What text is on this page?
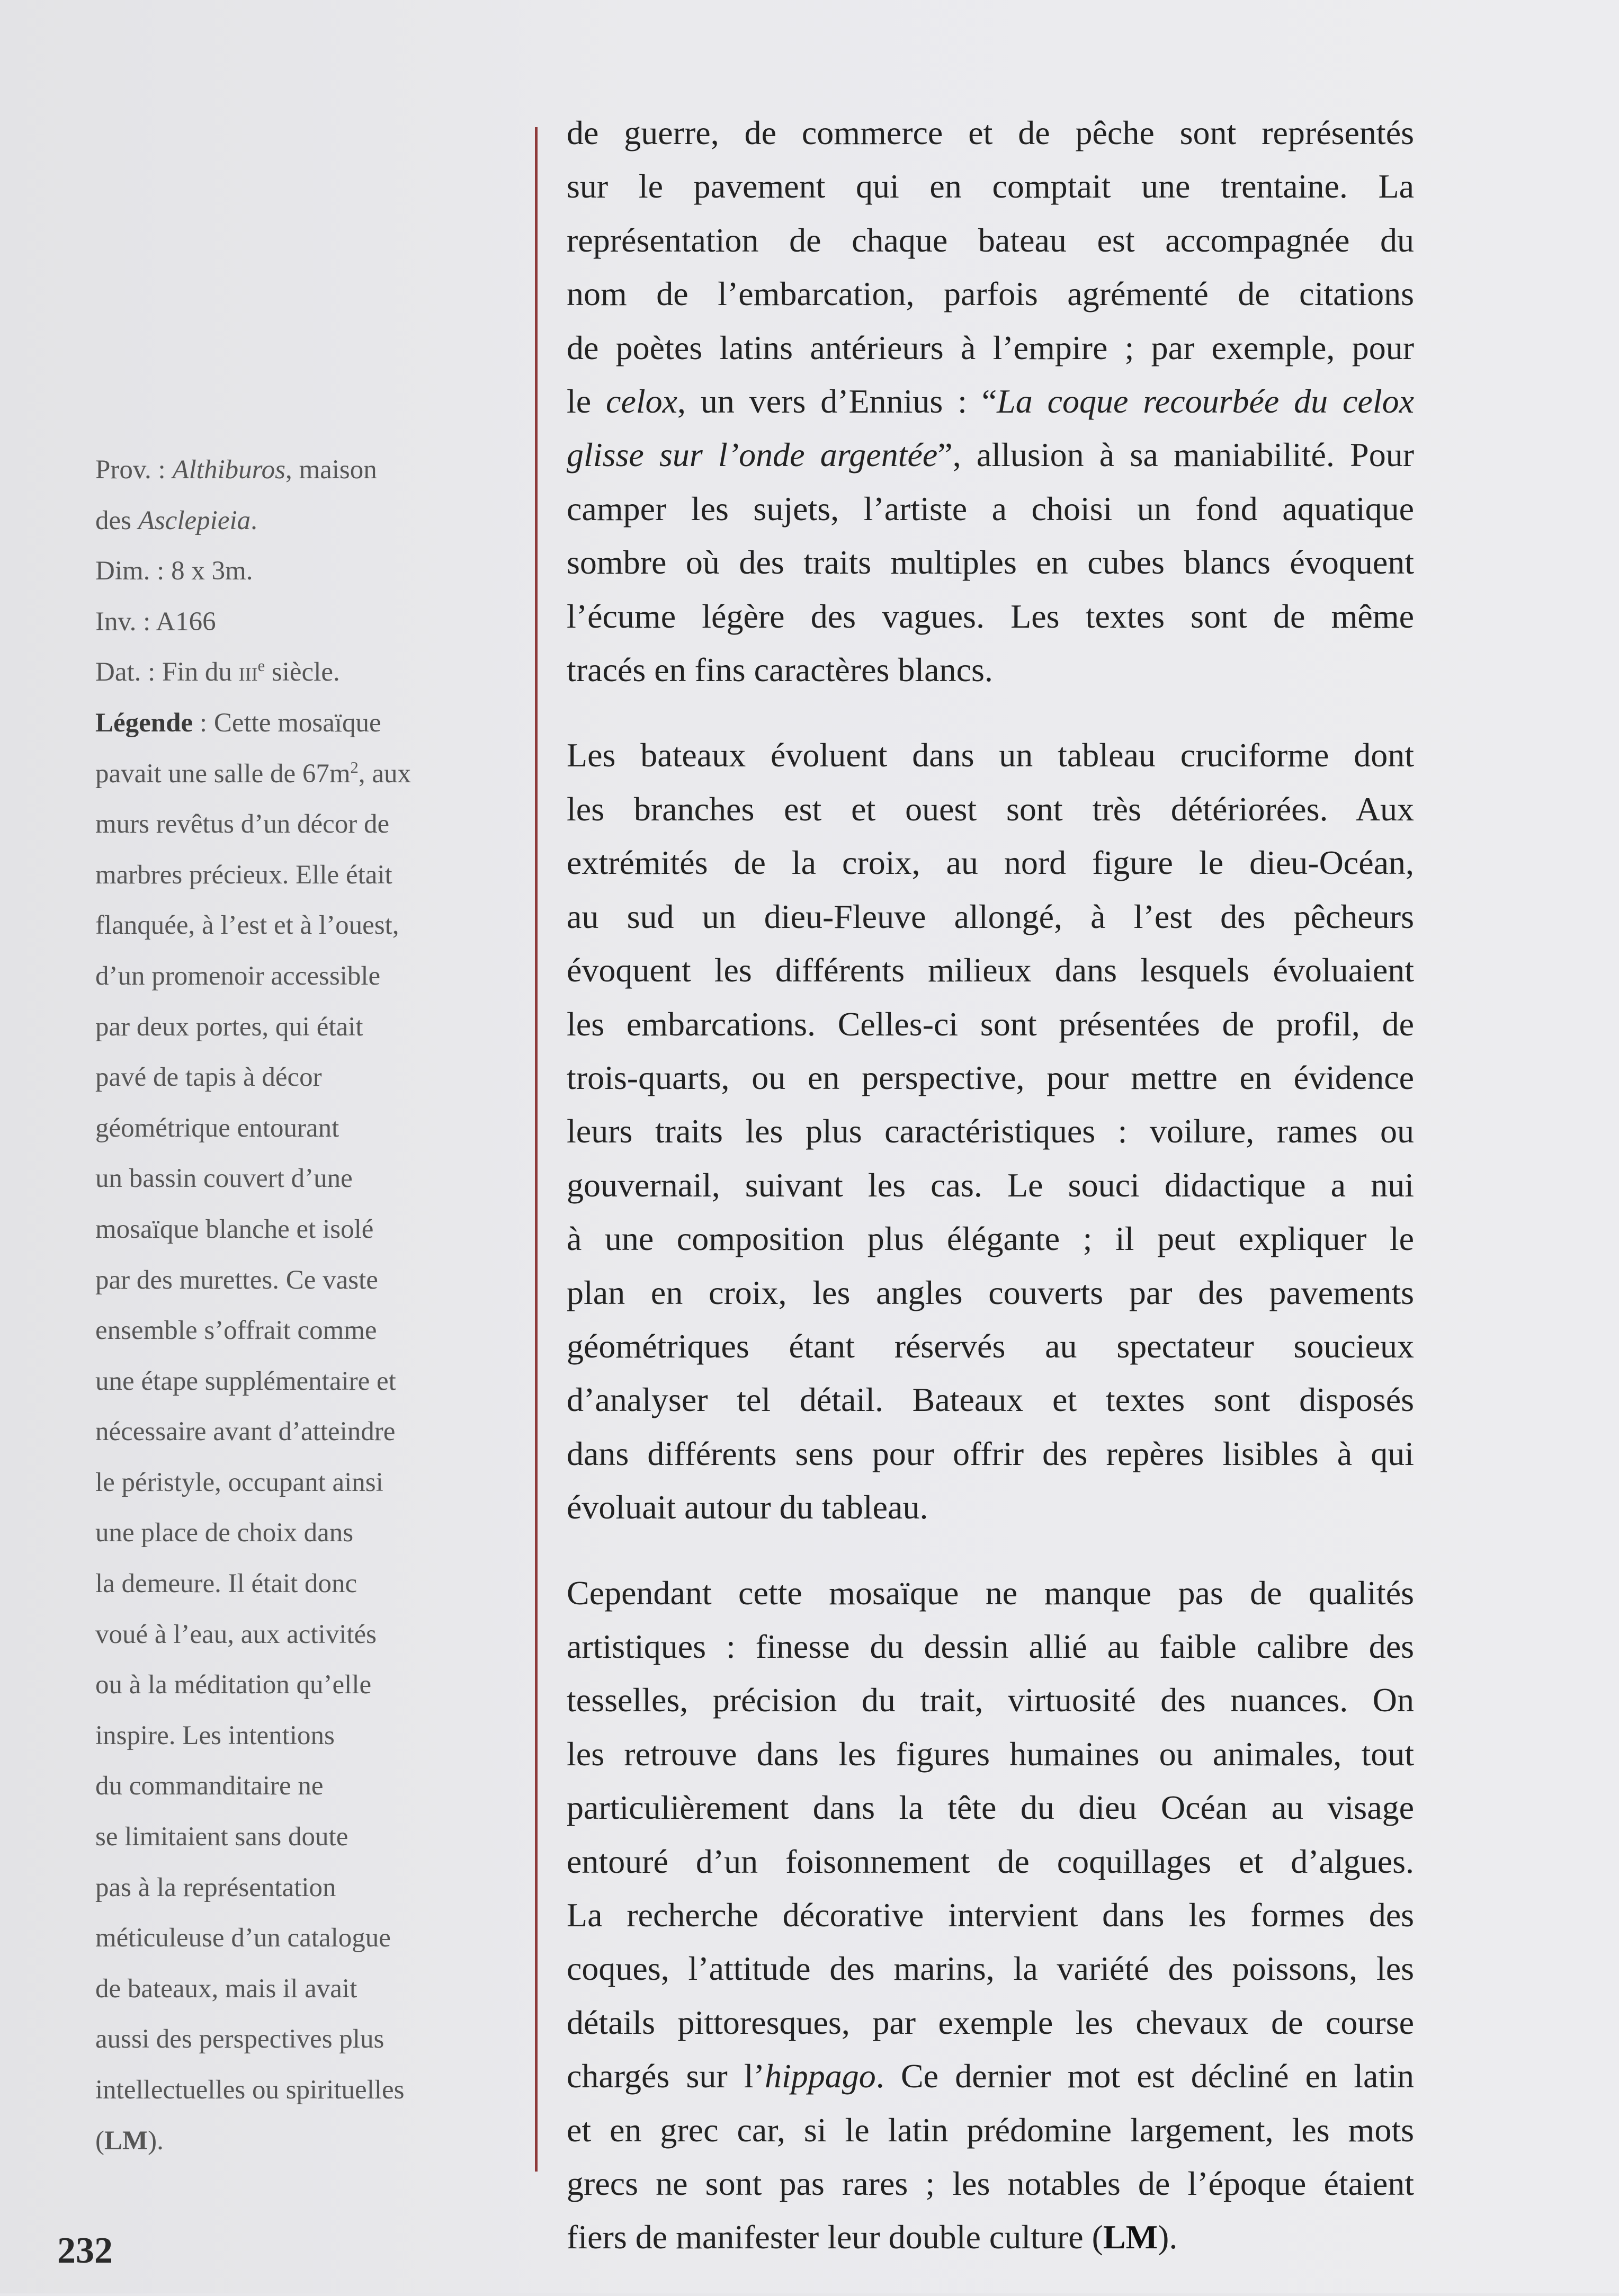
Prov. : Althiburos, maison
des Asclepieia.
Dim. : 8 x 3m.
Inv. : A166
Dat. : Fin du iii$^e$ siècle.
Légende : Cette mosaïque
pavait une salle de $67m^2$, aux
murs revêtus d’un décor de
marbres précieux. Elle était
flanquée, à l’est et à l’ouest,
d’un promenoir accessible
par deux portes, qui était
pavé de tapis à décor
géométrique entourant
un bassin couvert d’une
mosaïque blanche et isolé
par des murettes. Ce vaste
ensemble s’offrait comme
une étape supplémentaire et
nécessaire avant d’atteindre
le péristyle, occupant ainsi
une place de choix dans
la demeure. Il était donc
voué à l’eau, aux activités
ou à la méditation qu’elle
inspire. Les intentions
du commanditaire ne
se limitaient sans doute
pas à la représentation
méticuleuse d’un catalogue
de bateaux, mais il avait
aussi des perspectives plus
intellectuelles ou spirituelles
(LM).

de guerre, de commerce et de pêche sont représentés
sur le pavement qui en comptait une trentaine. La
représentation de chaque bateau est accompagnée du
nom de l’embarcation, parfois agrémenté de citations
de poètes latins antérieurs à l’empire ; par exemple, pour
le celox, un vers d’Ennius : “La coque recourbée du celox
glisse sur l’onde argentée”, allusion à sa maniabilité. Pour
camper les sujets, l’artiste a choisi un fond aquatique
sombre où des traits multiples en cubes blancs évoquent
l’écume légère des vagues. Les textes sont de même
tracés en fins caractères blancs.

Les bateaux évoluent dans un tableau cruciforme dont
les branches est et ouest sont très détériorées. Aux
extrémités de la croix, au nord figure le dieu-Océan,
au sud un dieu-Fleuve allongé, à l’est des pêcheurs
évoquent les différents milieux dans lesquels évoluaient
les embarcations. Celles-ci sont présentées de profil, de
trois-quarts, ou en perspective, pour mettre en évidence
leurs traits les plus caractéristiques : voilure, rames ou
gouvernail, suivant les cas. Le souci didactique a nui
à une composition plus élégante ; il peut expliquer le
plan en croix, les angles couverts par des pavements
géométriques étant réservés au spectateur soucieux
d’analyser tel détail. Bateaux et textes sont disposés
dans différents sens pour offrir des repères lisibles à qui
évoluait autour du tableau.

Cependant cette mosaïque ne manque pas de qualités
artistiques : finesse du dessin allié au faible calibre des
tesselles, précision du trait, virtuosité des nuances. On
les retrouve dans les figures humaines ou animales, tout
particulièrement dans la tête du dieu Océan au visage
entouré d’un foisonnement de coquillages et d’algues.
La recherche décorative intervient dans les formes des
coques, l’attitude des marins, la variété des poissons, les
détails pittoresques, par exemple les chevaux de course
chargés sur l’hippago. Ce dernier mot est décliné en latin
et en grec car, si le latin prédomine largement, les mots
grecs ne sont pas rares ; les notables de l’époque étaient
fiers de manifester leur double culture (LM).

232
